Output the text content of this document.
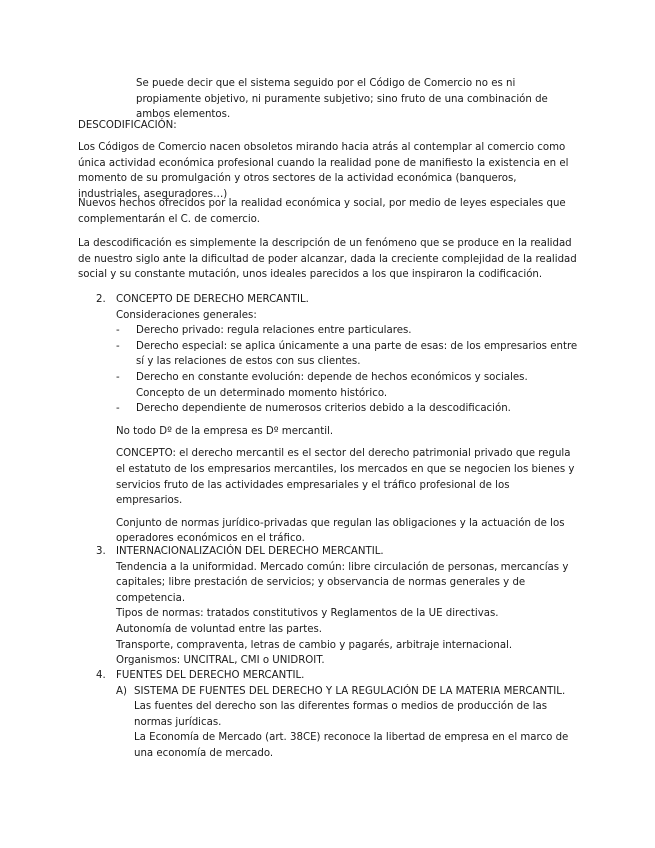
Se puede decir que el sistema seguido por el Código de Comercio no es ni propiamente objetivo, ni puramente subjetivo; sino fruto de una combinación de ambos elementos.

DESCODIFICACIÓN:

Los Códigos de Comercio nacen obsoletos mirando hacia atrás al contemplar al comercio como única actividad económica profesional cuando la realidad pone de manifiesto la existencia en el momento de su promulgación y otros sectores de la actividad económica (banqueros, industriales, aseguradores…)

Nuevos hechos ofrecidos por la realidad económica y social, por medio de leyes especiales que complementarán el C. de comercio.

La descodificación es simplemente la descripción de un fenómeno que se produce en la realidad de nuestro siglo ante la dificultad de poder alcanzar, dada la creciente complejidad de la realidad social y su constante mutación, unos ideales parecidos a los que inspiraron la codificación.

2. CONCEPTO DE DERECHO MERCANTIL.

Consideraciones generales:

- Derecho privado: regula relaciones entre particulares.
- Derecho especial: se aplica únicamente a una parte de esas: de los empresarios entre sí y las relaciones de estos con sus clientes.
- Derecho en constante evolución: depende de hechos económicos y sociales. Concepto de un determinado momento histórico.
- Derecho dependiente de numerosos criterios debido a la descodificación.

No todo Dº de la empresa es Dº mercantil.

CONCEPTO: el derecho mercantil es el sector del derecho patrimonial privado que regula el estatuto de los empresarios mercantiles, los mercados en que se negocien los bienes y servicios fruto de las actividades empresariales y el tráfico profesional de los empresarios.

Conjunto de normas jurídico-privadas que regulan las obligaciones y la actuación de los operadores económicos en el tráfico.

3. INTERNACIONALIZACIÓN DEL DERECHO MERCANTIL.

Tendencia a la uniformidad. Mercado común: libre circulación de personas, mercancías y capitales; libre prestación de servicios; y observancia de normas generales y de competencia.

Tipos de normas: tratados constitutivos y Reglamentos de la UE directivas.

Autonomía de voluntad entre las partes.

Transporte, compraventa, letras de cambio y pagarés, arbitraje internacional.

Organismos: UNCITRAL, CMI o UNIDROIT.

4. FUENTES DEL DERECHO MERCANTIL.

A) SISTEMA DE FUENTES DEL DERECHO Y LA REGULACIÓN DE LA MATERIA MERCANTIL.

Las fuentes del derecho son las diferentes formas o medios de producción de las normas jurídicas.

La Economía de Mercado (art. 38CE) reconoce la libertad de empresa en el marco de una economía de mercado.
